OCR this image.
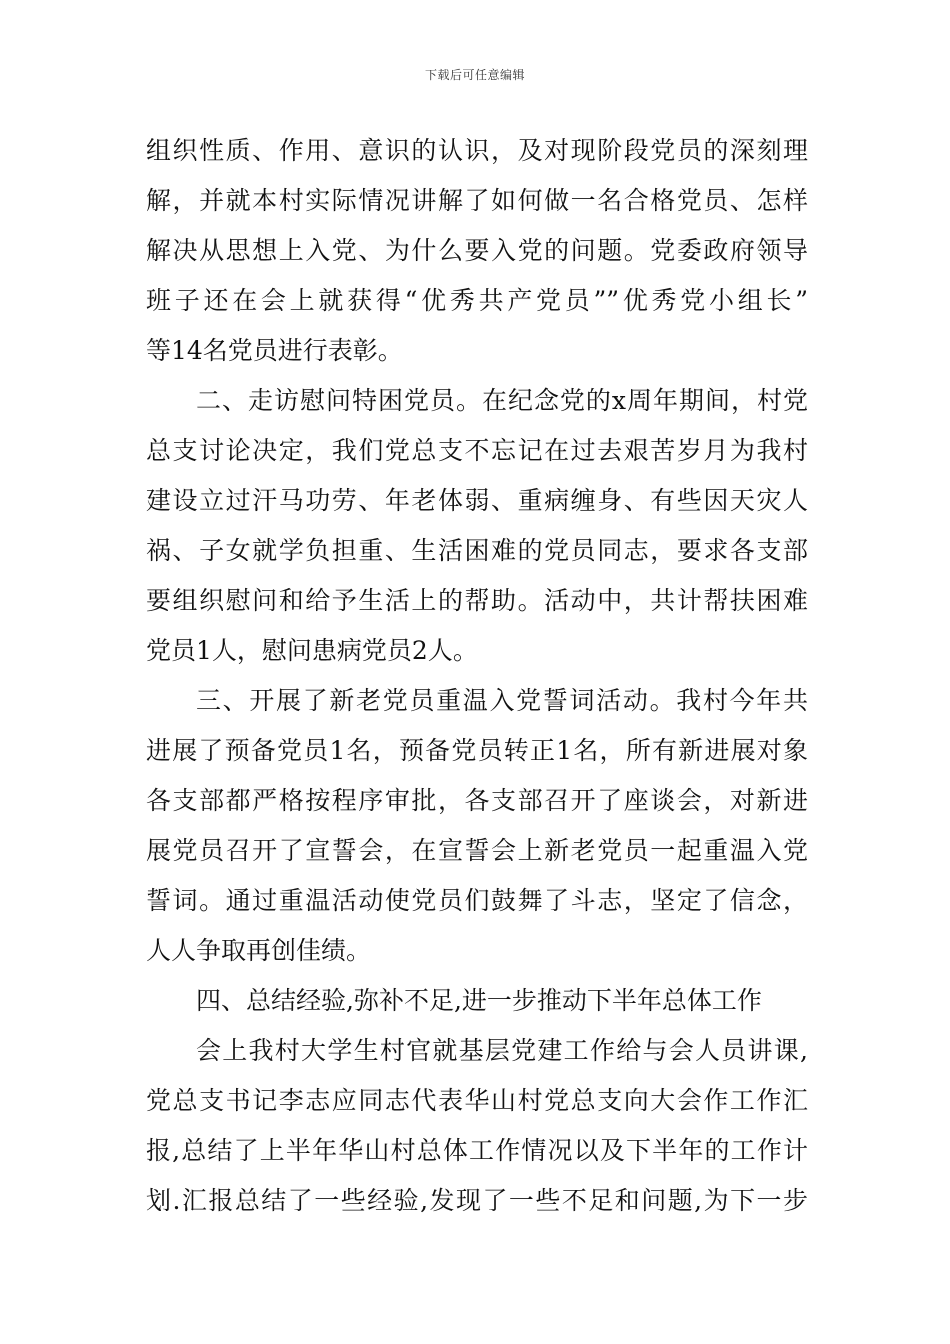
下载后可任意编辑
组织性质、作用、意识的认识，及对现阶段党员的深刻理
解，并就本村实际情况讲解了如何做一名合格党员、怎样
解决从思想上入党、为什么要入党的问题。党委政府领导
班子还在会上就获得“优秀共产党员””优秀党小组长”
等14名党员进行表彰。
二、走访慰问特困党员。在纪念党的x周年期间，村党
总支讨论决定，我们党总支不忘记在过去艰苦岁月为我村
建设立过汗马功劳、年老体弱、重病缠身、有些因天灾人
祸、子女就学负担重、生活困难的党员同志，要求各支部
要组织慰问和给予生活上的帮助。活动中，共计帮扶困难
党员1人，慰问患病党员2人。
三、开展了新老党员重温入党誓词活动。我村今年共
进展了预备党员1名，预备党员转正1名，所有新进展对象
各支部都严格按程序审批，各支部召开了座谈会，对新进
展党员召开了宣誓会，在宣誓会上新老党员一起重温入党
誓词。通过重温活动使党员们鼓舞了斗志，坚定了信念，
人人争取再创佳绩。
四、总结经验,弥补不足,进一步推动下半年总体工作
会上我村大学生村官就基层党建工作给与会人员讲课,
党总支书记李志应同志代表华山村党总支向大会作工作汇
报,总结了上半年华山村总体工作情况以及下半年的工作计
划.汇报总结了一些经验,发现了一些不足和问题,为下一步
